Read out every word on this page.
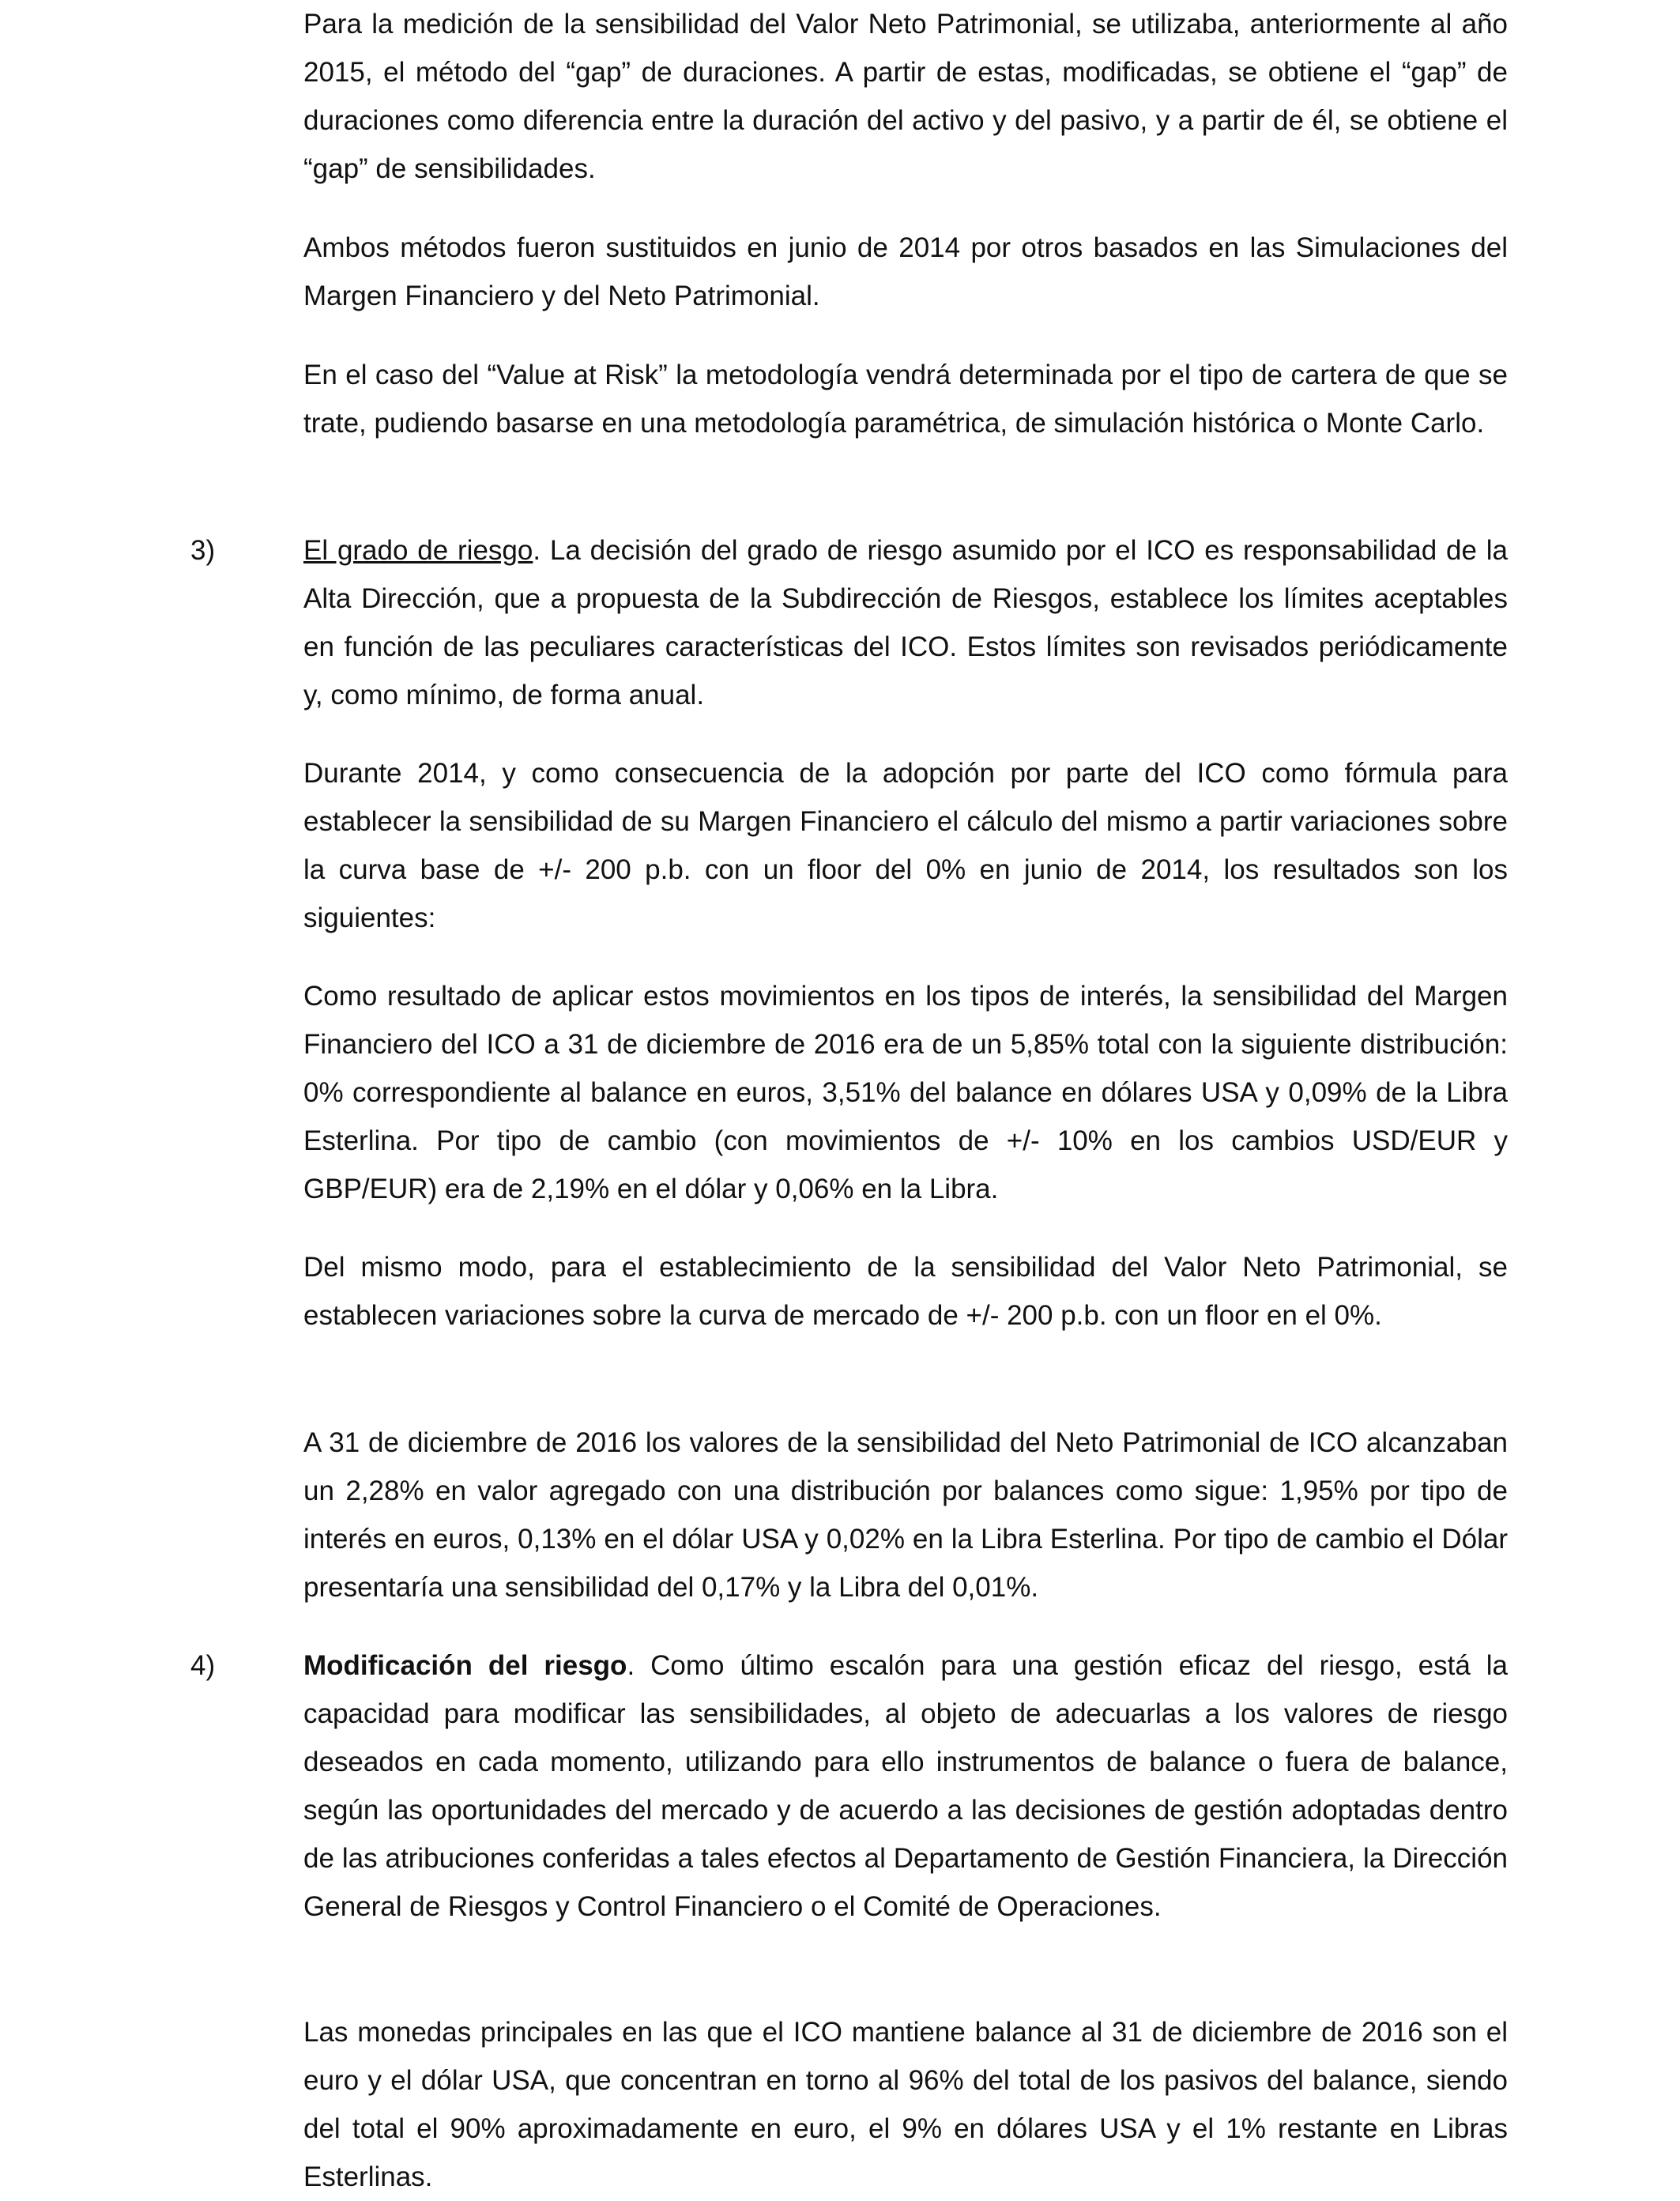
Para la medición de la sensibilidad del Valor Neto Patrimonial, se utilizaba, anteriormente al año 2015, el método del “gap” de duraciones. A partir de estas, modificadas, se obtiene el “gap” de duraciones como diferencia entre la duración del activo y del pasivo, y a partir de él, se obtiene el “gap” de sensibilidades.

Ambos métodos fueron sustituidos en junio de 2014 por otros basados en las Simulaciones del Margen Financiero y del Neto Patrimonial.

En el caso del “Value at Risk” la metodología vendrá determinada por el tipo de cartera de que se trate, pudiendo basarse en una metodología paramétrica, de simulación histórica o Monte Carlo.

3)	El grado de riesgo. La decisión del grado de riesgo asumido por el ICO es responsabilidad de la Alta Dirección, que a propuesta de la Subdirección de Riesgos, establece los límites aceptables en función de las peculiares características del ICO. Estos límites son revisados periódicamente y, como mínimo, de forma anual.

Durante 2014, y como consecuencia de la adopción por parte del ICO como fórmula para establecer la sensibilidad de su Margen Financiero el cálculo del mismo a partir variaciones sobre la curva base de +/- 200 p.b. con un floor del 0% en junio de 2014, los resultados son los siguientes:

Como resultado de aplicar estos movimientos en los tipos de interés, la sensibilidad del Margen Financiero del ICO a 31 de diciembre de 2016 era de un 5,85% total con la siguiente distribución: 0% correspondiente al balance en euros, 3,51% del balance en dólares USA y 0,09% de la Libra Esterlina. Por tipo de cambio (con movimientos de +/- 10% en los cambios USD/EUR y GBP/EUR) era de 2,19% en el dólar y 0,06% en la Libra.

Del mismo modo, para el establecimiento de la sensibilidad del Valor Neto Patrimonial, se establecen variaciones sobre la curva de mercado de +/- 200 p.b. con un floor en el 0%.

A 31 de diciembre de 2016 los valores de la sensibilidad del Neto Patrimonial de ICO alcanzaban un 2,28% en valor agregado con una distribución por balances como sigue: 1,95% por tipo de interés en euros, 0,13% en el dólar USA y 0,02% en la Libra Esterlina. Por tipo de cambio el Dólar presentaría una sensibilidad del 0,17% y la Libra del 0,01%.

4)	Modificación del riesgo. Como último escalón para una gestión eficaz del riesgo, está la capacidad para modificar las sensibilidades, al objeto de adecuarlas a los valores de riesgo deseados en cada momento, utilizando para ello instrumentos de balance o fuera de balance, según las oportunidades del mercado y de acuerdo a las decisiones de gestión adoptadas dentro de las atribuciones conferidas a tales efectos al Departamento de Gestión Financiera, la Dirección General de Riesgos y Control Financiero o el Comité de Operaciones.

Las monedas principales en las que el ICO mantiene balance al 31 de diciembre de 2016 son el euro y el dólar USA, que concentran en torno al 96% del total de los pasivos del balance, siendo del total el 90% aproximadamente en euro, el 9% en dólares USA y el 1% restante en Libras Esterlinas.
